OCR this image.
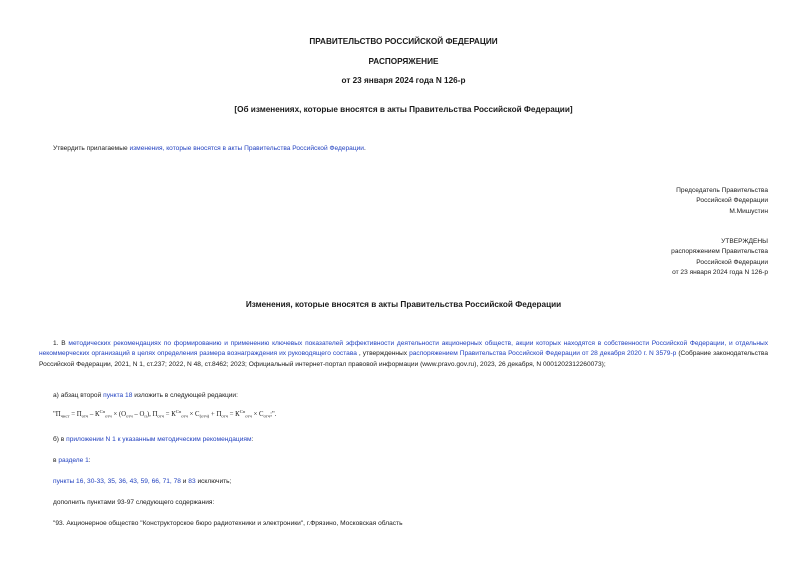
ПРАВИТЕЛЬСТВО РОССИЙСКОЙ ФЕДЕРАЦИИ
РАСПОРЯЖЕНИЕ
от 23 января 2024 года N 126-р
[Об изменениях, которые вносятся в акты Правительства Российской Федерации]
Утвердить прилагаемые изменения, которые вносятся в акты Правительства Российской Федерации.
Председатель Правительства
Российской Федерации
М.Мишустин
УТВЕРЖДЕНЫ
распоряжением Правительства
Российской Федерации
от 23 января 2024 года N 126-р
Изменения, которые вносятся в акты Правительства Российской Федерации
1. В методических рекомендациях по формированию и применению ключевых показателей эффективности деятельности акционерных обществ, акции которых находятся в собственности Российской Федерации, и отдельных некоммерческих организаций в целях определения размера вознаграждения их руководящего состава , утвержденных распоряжением Правительства Российской Федерации от 28 декабря 2020 г. N 3579-р (Собрание законодательства Российской Федерации, 2021, N 1, ст.237; 2022, N 48, ст.8462; 2023; Официальный интернет-портал правовой информации (www.pravo.gov.ru), 2023, 26 декабря, N 0001202312260073);
а) абзац второй пункта 18 изложить в следующей редакции:
"$П_{чист} = П_{отч} - К^{Сп}_{отч} \times (О_{отч} - О_п)$, $П_{отч} = К^{Сп}_{отч} \times С_{(отч)} + П_{отч} = К^{Сп}_{отч} \times С_{отч}$;".
б) в приложении N 1 к указанным методическим рекомендациям:
в разделе 1:
пункты 16, 30-33, 35, 36, 43, 59, 66, 71, 78 и 83 исключить;
дополнить пунктами 93-97 следующего содержания:
"93. Акционерное общество "Конструкторское бюро радиотехники и электроники", г.Фрязино, Московская область
